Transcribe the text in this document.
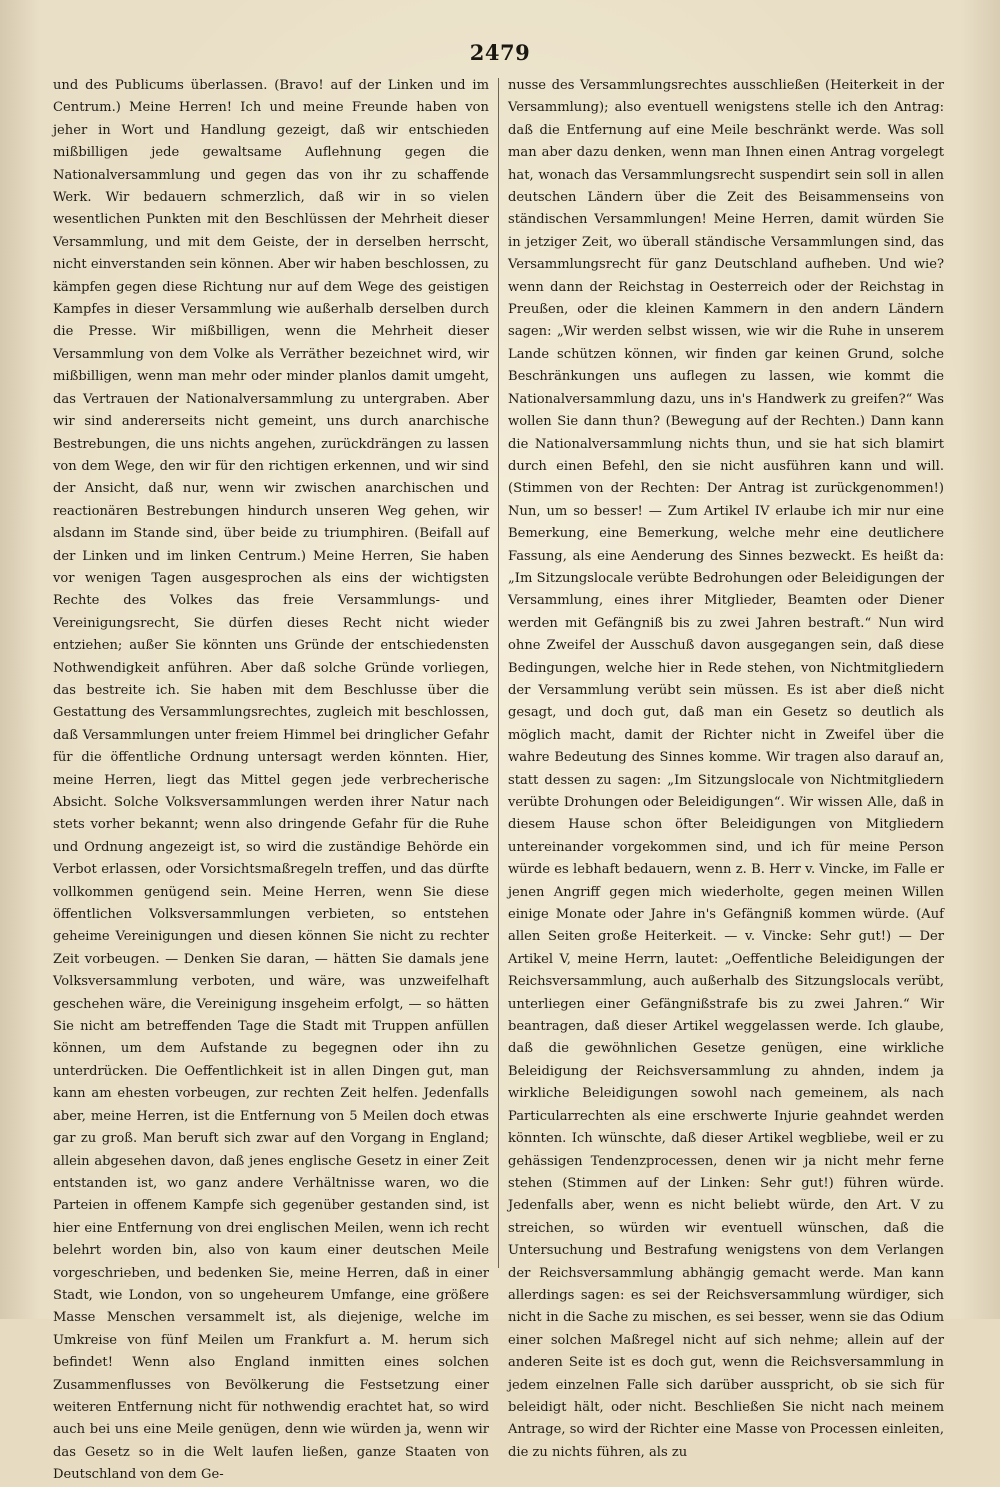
2479

und des Publicums überlassen. (Bravo! auf der Linken und im Centrum.) Meine Herren! Ich und meine Freunde haben von jeher in Wort und Handlung gezeigt, daß wir entschieden mißbilligen jede gewaltsame Auflehnung gegen die Nationalversammlung und gegen das von ihr zu schaffende Werk. Wir bedauern schmerzlich, daß wir in so vielen wesentlichen Punkten mit den Beschlüssen der Mehrheit dieser Versammlung, und mit dem Geiste, der in derselben herrscht, nicht einverstanden sein können. Aber wir haben beschlossen, zu kämpfen gegen diese Richtung nur auf dem Wege des geistigen Kampfes in dieser Versammlung wie außerhalb derselben durch die Presse. Wir mißbilligen, wenn die Mehrheit dieser Versammlung von dem Volke als Verräther bezeichnet wird, wir mißbilligen, wenn man mehr oder minder planlos damit umgeht, das Vertrauen der Nationalversammlung zu untergraben. Aber wir sind andererseits nicht gemeint, uns durch anarchische Bestrebungen, die uns nichts angehen, zurückdrängen zu lassen von dem Wege, den wir für den richtigen erkennen, und wir sind der Ansicht, daß nur, wenn wir zwischen anarchischen und reactionären Bestrebungen hindurch unseren Weg gehen, wir alsdann im Stande sind, über beide zu triumphiren. (Beifall auf der Linken und im linken Centrum.) Meine Herren, Sie haben vor wenigen Tagen ausgesprochen als eins der wichtigsten Rechte des Volkes das freie Versammlungs- und Vereinigungsrecht, Sie dürfen dieses Recht nicht wieder entziehen; außer Sie könnten uns Gründe der entschiedensten Nothwendigkeit anführen. Aber daß solche Gründe vorliegen, das bestreite ich. Sie haben mit dem Beschlusse über die Gestattung des Versammlungsrechtes, zugleich mit beschlossen, daß Versammlungen unter freiem Himmel bei dringlicher Gefahr für die öffentliche Ordnung untersagt werden könnten. Hier, meine Herren, liegt das Mittel gegen jede verbrecherische Absicht. Solche Volksversammlungen werden ihrer Natur nach stets vorher bekannt; wenn also dringende Gefahr für die Ruhe und Ordnung angezeigt ist, so wird die zuständige Behörde ein Verbot erlassen, oder Vorsichtsmaßregeln treffen, und das dürfte vollkommen genügend sein. Meine Herren, wenn Sie diese öffentlichen Volksversammlungen verbieten, so entstehen geheime Vereinigungen und diesen können Sie nicht zu rechter Zeit vorbeugen. — Denken Sie daran, — hätten Sie damals jene Volksversammlung verboten, und wäre, was unzweifelhaft geschehen wäre, die Vereinigung insgeheim erfolgt, — so hätten Sie nicht am betreffenden Tage die Stadt mit Truppen anfüllen können, um dem Aufstande zu begegnen oder ihn zu unterdrücken. Die Oeffentlichkeit ist in allen Dingen gut, man kann am ehesten vorbeugen, zur rechten Zeit helfen. Jedenfalls aber, meine Herren, ist die Entfernung von 5 Meilen doch etwas gar zu groß. Man beruft sich zwar auf den Vorgang in England; allein abgesehen davon, daß jenes englische Gesetz in einer Zeit entstanden ist, wo ganz andere Verhältnisse waren, wo die Parteien in offenem Kampfe sich gegenüber gestanden sind, ist hier eine Entfernung von drei englischen Meilen, wenn ich recht belehrt worden bin, also von kaum einer deutschen Meile vorgeschrieben, und bedenken Sie, meine Herren, daß in einer Stadt, wie London, von so ungeheurem Umfange, eine größere Masse Menschen versammelt ist, als diejenige, welche im Umkreise von fünf Meilen um Frankfurt a. M. herum sich befindet! Wenn also England inmitten eines solchen Zusammenflusses von Bevölkerung die Festsetzung einer weiteren Entfernung nicht für nothwendig erachtet hat, so wird auch bei uns eine Meile genügen, denn wie würden ja, wenn wir das Gesetz so in die Welt laufen ließen, ganze Staaten von Deutschland von dem Ge-

nusse des Versammlungsrechtes ausschließen (Heiterkeit in der Versammlung); also eventuell wenigstens stelle ich den Antrag: daß die Entfernung auf eine Meile beschränkt werde. Was soll man aber dazu denken, wenn man Ihnen einen Antrag vorgelegt hat, wonach das Versammlungsrecht suspendirt sein soll in allen deutschen Ländern über die Zeit des Beisammenseins von ständischen Versammlungen! Meine Herren, damit würden Sie in jetziger Zeit, wo überall ständische Versammlungen sind, das Versammlungsrecht für ganz Deutschland aufheben. Und wie? wenn dann der Reichstag in Oesterreich oder der Reichstag in Preußen, oder die kleinen Kammern in den andern Ländern sagen: „Wir werden selbst wissen, wie wir die Ruhe in unserem Lande schützen können, wir finden gar keinen Grund, solche Beschränkungen uns auflegen zu lassen, wie kommt die Nationalversammlung dazu, uns in's Handwerk zu greifen?“ Was wollen Sie dann thun? (Bewegung auf der Rechten.) Dann kann die Nationalversammlung nichts thun, und sie hat sich blamirt durch einen Befehl, den sie nicht ausführen kann und will. (Stimmen von der Rechten: Der Antrag ist zurückgenommen!) Nun, um so besser! — Zum Artikel IV erlaube ich mir nur eine Bemerkung, eine Bemerkung, welche mehr eine deutlichere Fassung, als eine Aenderung des Sinnes bezweckt. Es heißt da: „Im Sitzungslocale verübte Bedrohungen oder Beleidigungen der Versammlung, eines ihrer Mitglieder, Beamten oder Diener werden mit Gefängniß bis zu zwei Jahren bestraft.“ Nun wird ohne Zweifel der Ausschuß davon ausgegangen sein, daß diese Bedingungen, welche hier in Rede stehen, von Nichtmitgliedern der Versammlung verübt sein müssen. Es ist aber dieß nicht gesagt, und doch gut, daß man ein Gesetz so deutlich als möglich macht, damit der Richter nicht in Zweifel über die wahre Bedeutung des Sinnes komme. Wir tragen also darauf an, statt dessen zu sagen: „Im Sitzungslocale von Nichtmitgliedern verübte Drohungen oder Beleidigungen“. Wir wissen Alle, daß in diesem Hause schon öfter Beleidigungen von Mitgliedern untereinander vorgekommen sind, und ich für meine Person würde es lebhaft bedauern, wenn z. B. Herr v. Vincke, im Falle er jenen Angriff gegen mich wiederholte, gegen meinen Willen einige Monate oder Jahre in's Gefängniß kommen würde. (Auf allen Seiten große Heiterkeit. — v. Vincke: Sehr gut!) — Der Artikel V, meine Herrn, lautet: „Oeffentliche Beleidigungen der Reichsversammlung, auch außerhalb des Sitzungslocals verübt, unterliegen einer Gefängnißstrafe bis zu zwei Jahren.“ Wir beantragen, daß dieser Artikel weggelassen werde. Ich glaube, daß die gewöhnlichen Gesetze genügen, eine wirkliche Beleidigung der Reichsversammlung zu ahnden, indem ja wirkliche Beleidigungen sowohl nach gemeinem, als nach Particularrechten als eine erschwerte Injurie geahndet werden könnten. Ich wünschte, daß dieser Artikel wegbliebe, weil er zu gehässigen Tendenzprocessen, denen wir ja nicht mehr ferne stehen (Stimmen auf der Linken: Sehr gut!) führen würde. Jedenfalls aber, wenn es nicht beliebt würde, den Art. V zu streichen, so würden wir eventuell wünschen, daß die Untersuchung und Bestrafung wenigstens von dem Verlangen der Reichsversammlung abhängig gemacht werde. Man kann allerdings sagen: es sei der Reichsversammlung würdiger, sich nicht in die Sache zu mischen, es sei besser, wenn sie das Odium einer solchen Maßregel nicht auf sich nehme; allein auf der anderen Seite ist es doch gut, wenn die Reichsversammlung in jedem einzelnen Falle sich darüber ausspricht, ob sie sich für beleidigt hält, oder nicht. Beschließen Sie nicht nach meinem Antrage, so wird der Richter eine Masse von Processen einleiten, die zu nichts führen, als zu
